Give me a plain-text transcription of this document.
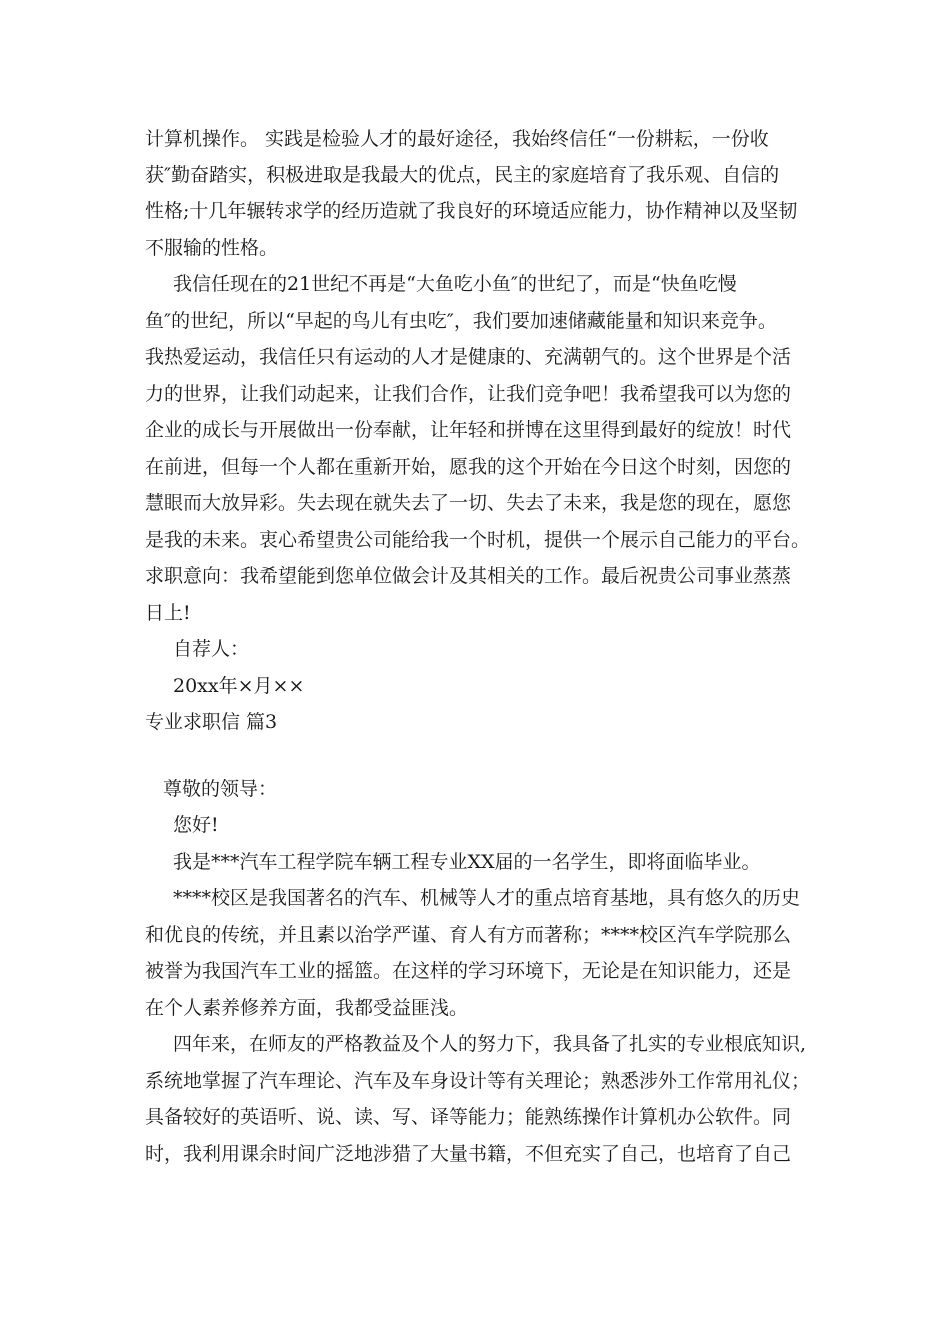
计算机操作。 实践是检验人才的最好途径，我始终信任“一份耕耘，一份收
获″勤奋踏实，积极进取是我最大的优点，民主的家庭培育了我乐观、自信的
性格;十几年辗转求学的经历造就了我良好的环境适应能力，协作精神以及坚韧
不服输的性格。
我信任现在的21世纪不再是“大鱼吃小鱼″的世纪了，而是“快鱼吃慢
鱼″的世纪，所以“早起的鸟儿有虫吃″，我们要加速储藏能量和知识来竞争。
我热爱运动，我信任只有运动的人才是健康的、充满朝气的。这个世界是个活
力的世界，让我们动起来，让我们合作，让我们竞争吧！我希望我可以为您的
企业的成长与开展做出一份奉献，让年轻和拼博在这里得到最好的绽放！时代
在前进，但每一个人都在重新开始，愿我的这个开始在今日这个时刻，因您的
慧眼而大放异彩。失去现在就失去了一切、失去了未来，我是您的现在，愿您
是我的未来。衷心希望贵公司能给我一个时机，提供一个展示自己能力的平台。
求职意向：我希望能到您单位做会计及其相关的工作。最后祝贵公司事业蒸蒸
日上!
自荐人：
20xx年×月××
专业求职信 篇3
尊敬的领导：
您好!
我是***汽车工程学院车辆工程专业XX届的一名学生，即将面临毕业。
****校区是我国著名的汽车、机械等人才的重点培育基地，具有悠久的历史
和优良的传统，并且素以治学严谨、育人有方而著称；****校区汽车学院那么
被誉为我国汽车工业的摇篮。在这样的学习环境下，无论是在知识能力，还是
在个人素养修养方面，我都受益匪浅。
四年来，在师友的严格教益及个人的努力下，我具备了扎实的专业根底知识,
系统地掌握了汽车理论、汽车及车身设计等有关理论；熟悉涉外工作常用礼仪；
具备较好的英语听、说、读、写、译等能力；能熟练操作计算机办公软件。同
时，我利用课余时间广泛地涉猎了大量书籍，不但充实了自己，也培育了自己
